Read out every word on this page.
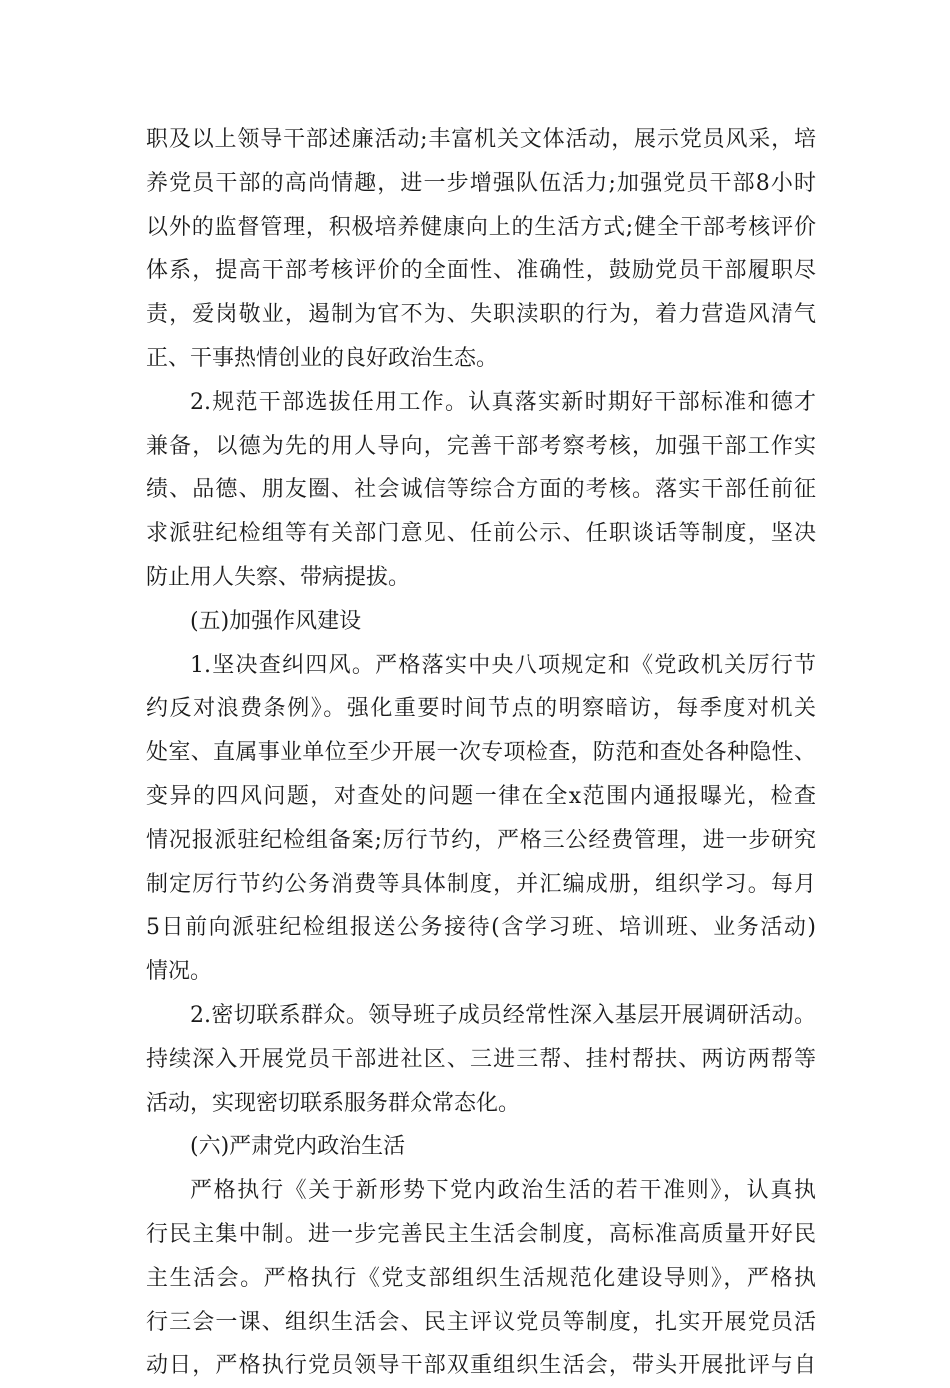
职及以上领导干部述廉活动;丰富机关文体活动，展示党员风采，培
养党员干部的高尚情趣，进一步增强队伍活力;加强党员干部8小时
以外的监督管理，积极培养健康向上的生活方式;健全干部考核评价
体系，提高干部考核评价的全面性、准确性，鼓励党员干部履职尽
责，爱岗敬业，遏制为官不为、失职渎职的行为，着力营造风清气
正、干事热情创业的良好政治生态。
2.规范干部选拔任用工作。认真落实新时期好干部标准和德才
兼备，以德为先的用人导向，完善干部考察考核，加强干部工作实
绩、品德、朋友圈、社会诚信等综合方面的考核。落实干部任前征
求派驻纪检组等有关部门意见、任前公示、任职谈话等制度，坚决
防止用人失察、带病提拔。
(五)加强作风建设
1.坚决查纠四风。严格落实中央八项规定和《党政机关厉行节
约反对浪费条例》。强化重要时间节点的明察暗访，每季度对机关
处室、直属事业单位至少开展一次专项检查，防范和查处各种隐性、
变异的四风问题，对查处的问题一律在全x范围内通报曝光，检查
情况报派驻纪检组备案;厉行节约，严格三公经费管理，进一步研究
制定厉行节约公务消费等具体制度，并汇编成册，组织学习。每月
5日前向派驻纪检组报送公务接待(含学习班、培训班、业务活动)
情况。
2.密切联系群众。领导班子成员经常性深入基层开展调研活动。
持续深入开展党员干部进社区、三进三帮、挂村帮扶、两访两帮等
活动，实现密切联系服务群众常态化。
(六)严肃党内政治生活
严格执行《关于新形势下党内政治生活的若干准则》，认真执
行民主集中制。进一步完善民主生活会制度，高标准高质量开好民
主生活会。严格执行《党支部组织生活规范化建设导则》，严格执
行三会一课、组织生活会、民主评议党员等制度，扎实开展党员活
动日，严格执行党员领导干部双重组织生活会，带头开展批评与自
